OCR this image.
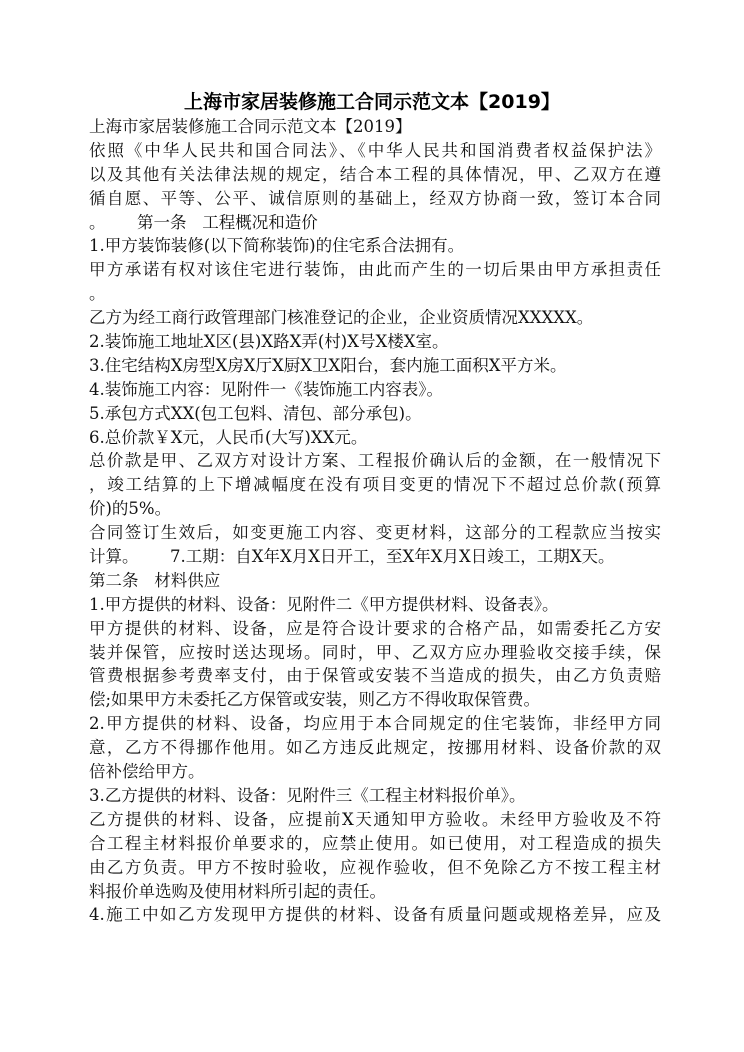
上海市家居装修施工合同示范文本【2019】
上海市家居装修施工合同示范文本【2019】
依照《中华人民共和国合同法》、《中华人民共和国消费者权益保护法》
以及其他有关法律法规的规定，结合本工程的具体情况，甲、乙双方在遵
循自愿、平等、公平、诚信原则的基础上，经双方协商一致，签订本合同
。      第一条   工程概况和造价
1.甲方装饰装修(以下简称装饰)的住宅系合法拥有。
甲方承诺有权对该住宅进行装饰，由此而产生的一切后果由甲方承担责任
。
乙方为经工商行政管理部门核准登记的企业，企业资质情况XXXXX。
2.装饰施工地址X区(县)X路X弄(村)X号X楼X室。
3.住宅结构X房型X房X厅X厨X卫X阳台，套内施工面积X平方米。
4.装饰施工内容：见附件一《装饰施工内容表》。
5.承包方式XX(包工包料、清包、部分承包)。
6.总价款￥X元，人民币(大写)XX元。
总价款是甲、乙双方对设计方案、工程报价确认后的金额，在一般情况下
，竣工结算的上下增减幅度在没有项目变更的情况下不超过总价款(预算
价)的5%。
合同签订生效后，如变更施工内容、变更材料，这部分的工程款应当按实
计算。      7.工期：自X年X月X日开工，至X年X月X日竣工，工期X天。
第二条   材料供应
1.甲方提供的材料、设备：见附件二《甲方提供材料、设备表》。
甲方提供的材料、设备，应是符合设计要求的合格产品，如需委托乙方安
装并保管，应按时送达现场。同时，甲、乙双方应办理验收交接手续，保
管费根据参考费率支付，由于保管或安装不当造成的损失，由乙方负责赔
偿;如果甲方未委托乙方保管或安装，则乙方不得收取保管费。
2.甲方提供的材料、设备，均应用于本合同规定的住宅装饰，非经甲方同
意，乙方不得挪作他用。如乙方违反此规定，按挪用材料、设备价款的双
倍补偿给甲方。
3.乙方提供的材料、设备：见附件三《工程主材料报价单》。
乙方提供的材料、设备，应提前X天通知甲方验收。未经甲方验收及不符
合工程主材料报价单要求的，应禁止使用。如已使用，对工程造成的损失
由乙方负责。甲方不按时验收，应视作验收，但不免除乙方不按工程主材
料报价单选购及使用材料所引起的责任。
4.施工中如乙方发现甲方提供的材料、设备有质量问题或规格差异，应及
